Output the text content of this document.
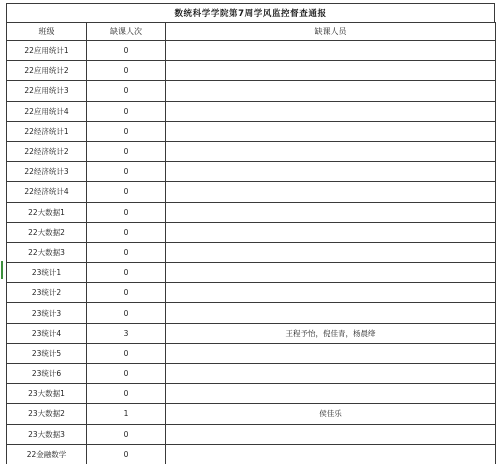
数统科学学院第7周学风监控督查通报
班级	缺课人次	缺课人员
22应用统计1	0	
22应用统计2	0	
22应用统计3	0	
22应用统计4	0	
22经济统计1	0	
22经济统计2	0	
22经济统计3	0	
22经济统计4	0	
22大数据1	0	
22大数据2	0	
22大数据3	0	
23统计1	0	
23统计2	0	
23统计3	0	
23统计4	3	王程予怡，倪佳青，杨晨绛
23统计5	0	
23统计6	0	
23大数据1	0	
23大数据2	1	侯佳乐
23大数据3	0	
22金融数学	0	
